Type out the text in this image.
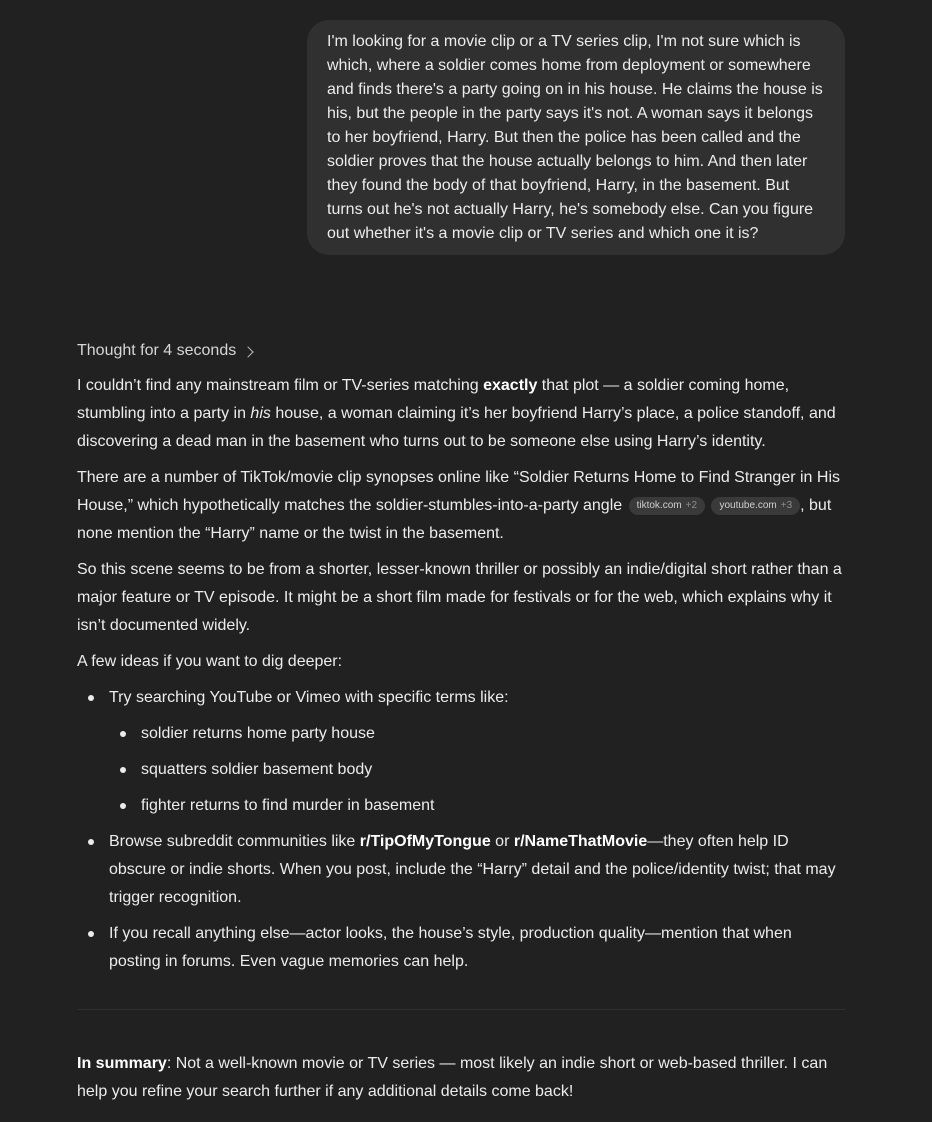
I'm looking for a movie clip or a TV series clip, I'm not sure which is which, where a soldier comes home from deployment or somewhere and finds there's a party going on in his house. He claims the house is his, but the people in the party says it's not. A woman says it belongs to her boyfriend, Harry. But then the police has been called and the soldier proves that the house actually belongs to him. And then later they found the body of that boyfriend, Harry, in the basement. But turns out he's not actually Harry, he's somebody else. Can you figure out whether it's a movie clip or TV series and which one it is?
Thought for 4 seconds

I couldn’t find any mainstream film or TV-series matching exactly that plot — a soldier coming home, stumbling into a party in his house, a woman claiming it’s her boyfriend Harry’s place, a police standoff, and discovering a dead man in the basement who turns out to be someone else using Harry’s identity.

There are a number of TikTok/movie clip synopses online like “Soldier Returns Home to Find Stranger in His House,” which hypothetically matches the soldier-stumbles-into-a-party angle tiktok.com +2
youtube.com +3 , but none mention the “Harry” name or the twist in the basement.

So this scene seems to be from a shorter, lesser-known thriller or possibly an indie/digital short rather than a major feature or TV episode. It might be a short film made for festivals or for the web, which explains why it isn’t documented widely.

A few ideas if you want to dig deeper:

Try searching YouTube or Vimeo with specific terms like:
soldier returns home party house
squatters soldier basement body
fighter returns to find murder in basement
Browse subreddit communities like r/TipOfMyTongue or r/NameThatMovie—they often help ID obscure or indie shorts. When you post, include the “Harry” detail and the police/identity twist; that may trigger recognition.
If you recall anything else—actor looks, the house’s style, production quality—mention that when posting in forums. Even vague memories can help.

In summary: Not a well-known movie or TV series — most likely an indie short or web-based thriller. I can help you refine your search further if any additional details come back!
